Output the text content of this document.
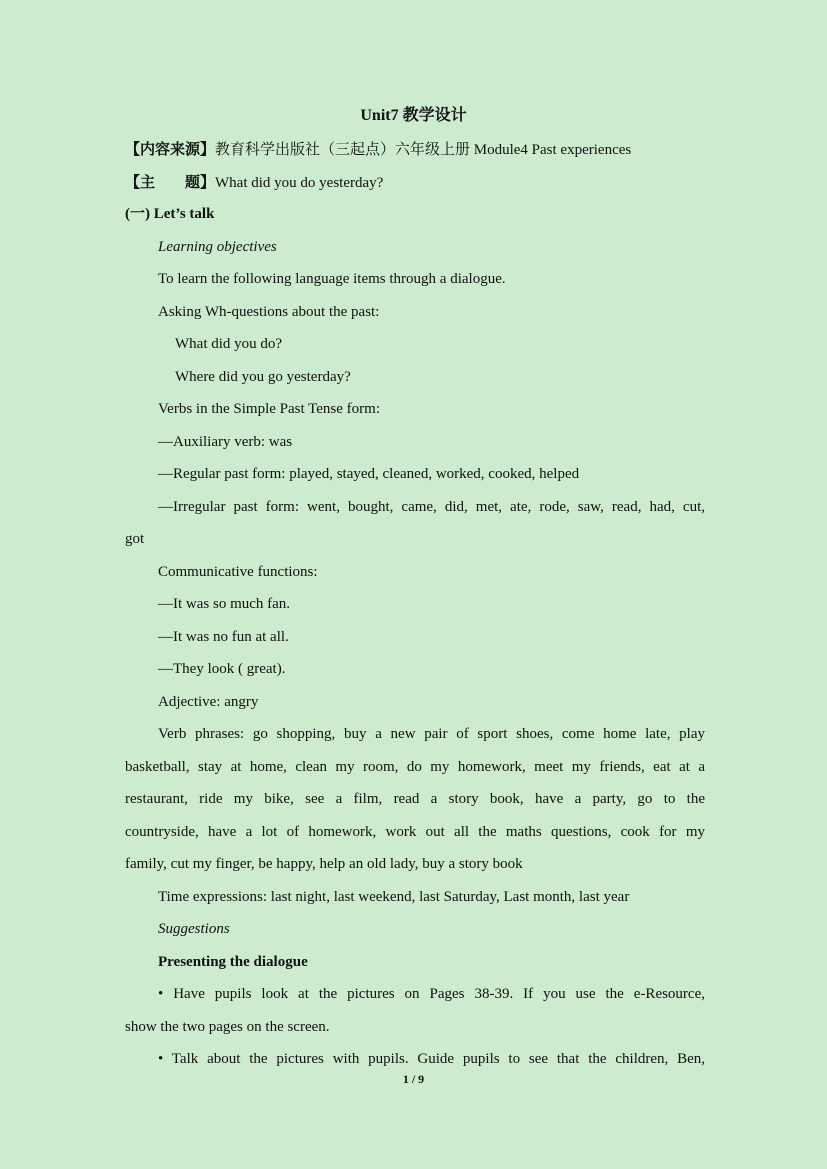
Unit7 教学设计
【内容来源】教育科学出版社（三起点）六年级上册 Module4 Past experiences
【主　　题】What did you do yesterday?
(一) Let’s talk
Learning objectives
To learn the following language items through a dialogue.
Asking Wh-questions about the past:
What did you do?
Where did you go yesterday?
Verbs in the Simple Past Tense form:
—Auxiliary verb: was
—Regular past form: played, stayed, cleaned, worked, cooked, helped
—Irregular past form: went, bought, came, did, met, ate, rode, saw, read, had, cut,
got
Communicative functions:
—It was so much fan.
—It was no fun at all.
—They look ( great).
Adjective: angry
Verb phrases: go shopping, buy a new pair of sport shoes, come home late, play
basketball, stay at home, clean my room, do my homework, meet my friends, eat at a
restaurant, ride my bike, see a film, read a story book, have a party, go to the
countryside, have a lot of homework, work out all the maths questions, cook for my
family, cut my finger, be happy, help an old lady, buy a story book
Time expressions: last night, last weekend, last Saturday, Last month, last year
Suggestions
Presenting the dialogue
• Have pupils look at the pictures on Pages 38-39. If you use the e-Resource,
show the two pages on the screen.
• Talk about the pictures with pupils. Guide pupils to see that the children, Ben,
1 / 9
